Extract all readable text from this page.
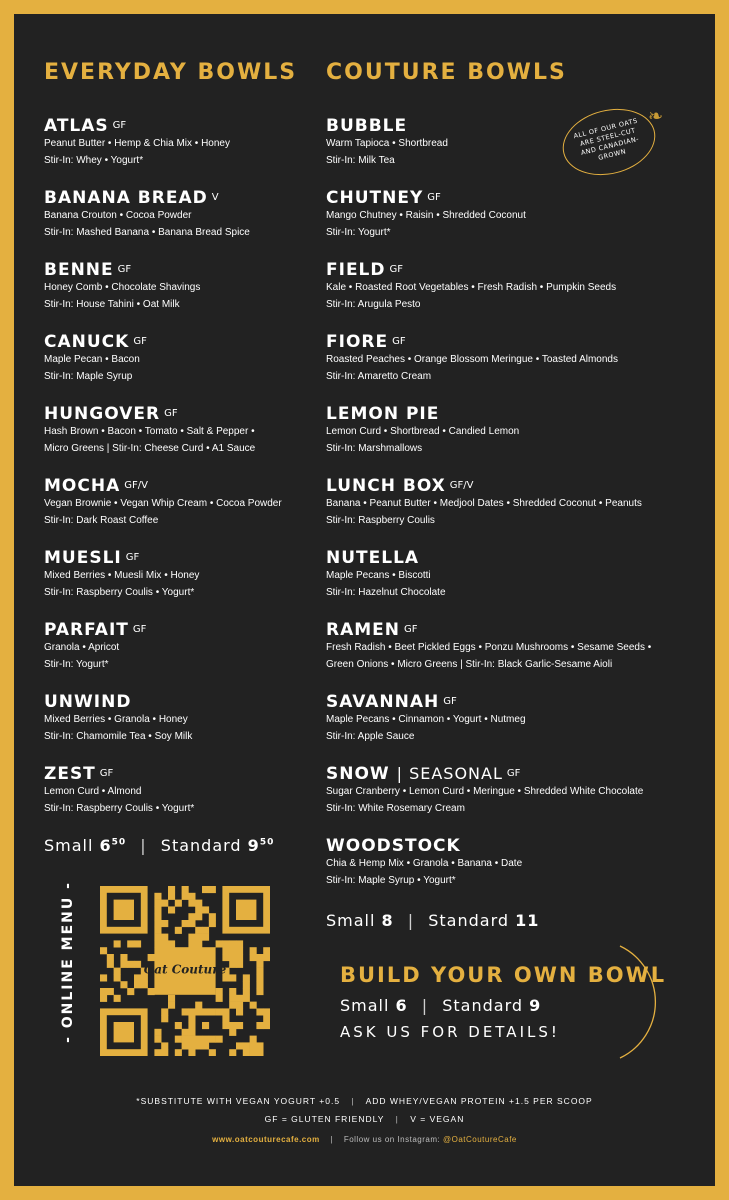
EVERYDAY BOWLS
ATLAS $^{GF}$
Peanut Butter • Hemp & Chia Mix • Honey
Stir-In: Whey • Yogurt*
BANANA BREAD $^V$
Banana Crouton • Cocoa Powder
Stir-In: Mashed Banana • Banana Bread Spice
BENNE $^{GF}$
Honey Comb • Chocolate Shavings
Stir-In: House Tahini • Oat Milk
CANUCK $^{GF}$
Maple Pecan • Bacon
Stir-In: Maple Syrup
HUNGOVER $^{GF}$
Hash Brown • Bacon • Tomato • Salt & Pepper •
Micro Greens | Stir-In: Cheese Curd • A1 Sauce
MOCHA $^{GF/V}$
Vegan Brownie • Vegan Whip Cream • Cocoa Powder
Stir-In: Dark Roast Coffee
MUESLI $^{GF}$
Mixed Berries • Muesli Mix • Honey
Stir-In: Raspberry Coulis • Yogurt*
PARFAIT $^{GF}$
Granola • Apricot
Stir-In: Yogurt*
UNWIND
Mixed Berries • Granola • Honey
Stir-In: Chamomile Tea • Soy Milk
ZEST $^{GF}$
Lemon Curd • Almond
Stir-In: Raspberry Coulis • Yogurt*
Small $6^{50}$ | Standard $9^{50}$
COUTURE BOWLS
BUBBLE
Warm Tapioca • Shortbread
Stir-In: Milk Tea
CHUTNEY $^{GF}$
Mango Chutney • Raisin • Shredded Coconut
Stir-In: Yogurt*
FIELD $^{GF}$
Kale • Roasted Root Vegetables • Fresh Radish • Pumpkin Seeds
Stir-In: Arugula Pesto
FIORE $^{GF}$
Roasted Peaches • Orange Blossom Meringue • Toasted Almonds
Stir-In: Amaretto Cream
LEMON PIE
Lemon Curd • Shortbread • Candied Lemon
Stir-In: Marshmallows
LUNCH BOX $^{GF/V}$
Banana • Peanut Butter • Medjool Dates • Shredded Coconut • Peanuts
Stir-In: Raspberry Coulis
NUTELLA
Maple Pecans • Biscotti
Stir-In: Hazelnut Chocolate
RAMEN $^{GF}$
Fresh Radish • Beet Pickled Eggs • Ponzu Mushrooms • Sesame Seeds •
Green Onions • Micro Greens | Stir-In: Black Garlic-Sesame Aioli
SAVANNAH $^{GF}$
Maple Pecans • Cinnamon • Yogurt • Nutmeg
Stir-In: Apple Sauce
SNOW | SEASONAL $^{GF}$
Sugar Cranberry • Lemon Curd • Meringue • Shredded White Chocolate
Stir-In: White Rosemary Cream
WOODSTOCK
Chia & Hemp Mix • Granola • Banana • Date
Stir-In: Maple Syrup • Yogurt*
Small 8 | Standard 11
ALL OF OUR OATS ARE STEEL-CUT AND CANADIAN-GROWN
❧
- ONLINE MENU -	Oat Couture	BUILD YOUR OWN BOWL
Small 6 | Standard 9
ASK US FOR DETAILS!
*SUBSTITUTE WITH VEGAN YOGURT +0.5 | ADD WHEY/VEGAN PROTEIN +1.5 PER SCOOP
GF = GLUTEN FRIENDLY | V = VEGAN
www.oatcouturecafe.com | Follow us on Instagram: @OatCoutureCafe
